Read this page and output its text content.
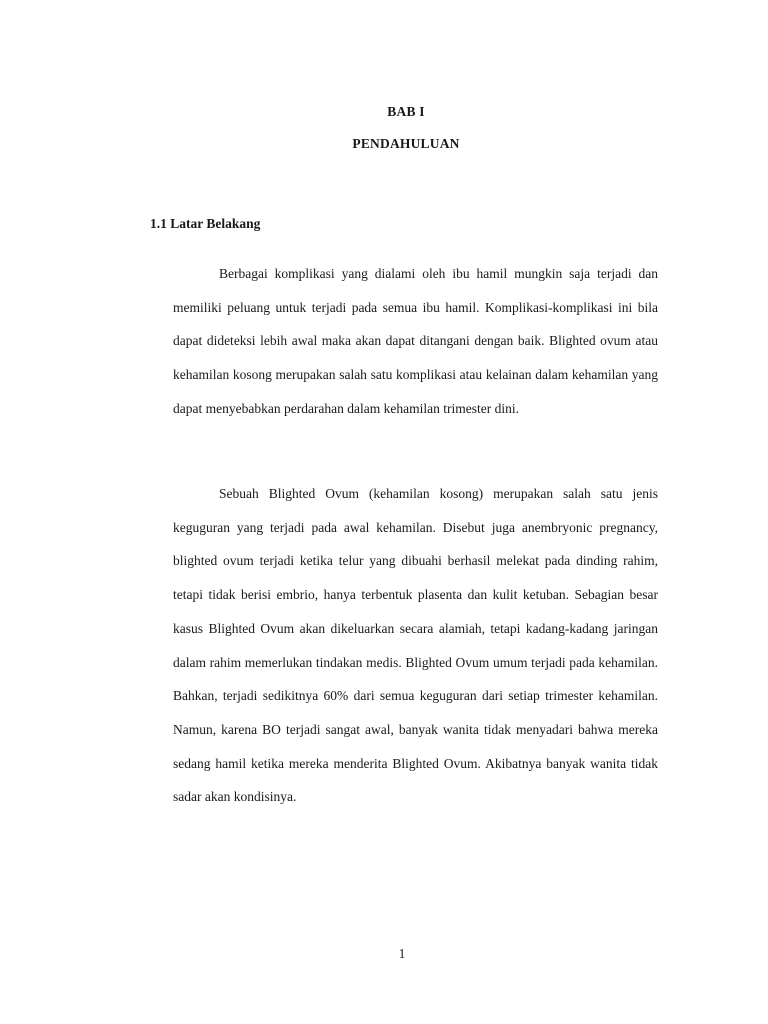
BAB I
PENDAHULUAN
1.1 Latar Belakang

Berbagai komplikasi yang dialami oleh ibu hamil mungkin saja terjadi dan memiliki peluang untuk terjadi pada semua ibu hamil. Komplikasi-komplikasi ini bila dapat dideteksi lebih awal maka akan dapat ditangani dengan baik. Blighted ovum atau kehamilan kosong merupakan salah satu komplikasi atau kelainan dalam kehamilan yang dapat menyebabkan perdarahan dalam kehamilan trimester dini.

Sebuah Blighted Ovum (kehamilan kosong) merupakan salah satu jenis keguguran yang terjadi pada awal kehamilan. Disebut juga anembryonic pregnancy, blighted ovum terjadi ketika telur yang dibuahi berhasil melekat pada dinding rahim, tetapi tidak berisi embrio, hanya terbentuk plasenta dan kulit ketuban. Sebagian besar kasus Blighted Ovum akan dikeluarkan secara alamiah, tetapi kadang-kadang jaringan dalam rahim memerlukan tindakan medis. Blighted Ovum umum terjadi pada kehamilan. Bahkan, terjadi sedikitnya 60% dari semua keguguran dari setiap trimester kehamilan. Namun, karena BO terjadi sangat awal, banyak wanita tidak menyadari bahwa mereka sedang hamil ketika mereka menderita Blighted Ovum. Akibatnya banyak wanita tidak sadar akan kondisinya.

1
